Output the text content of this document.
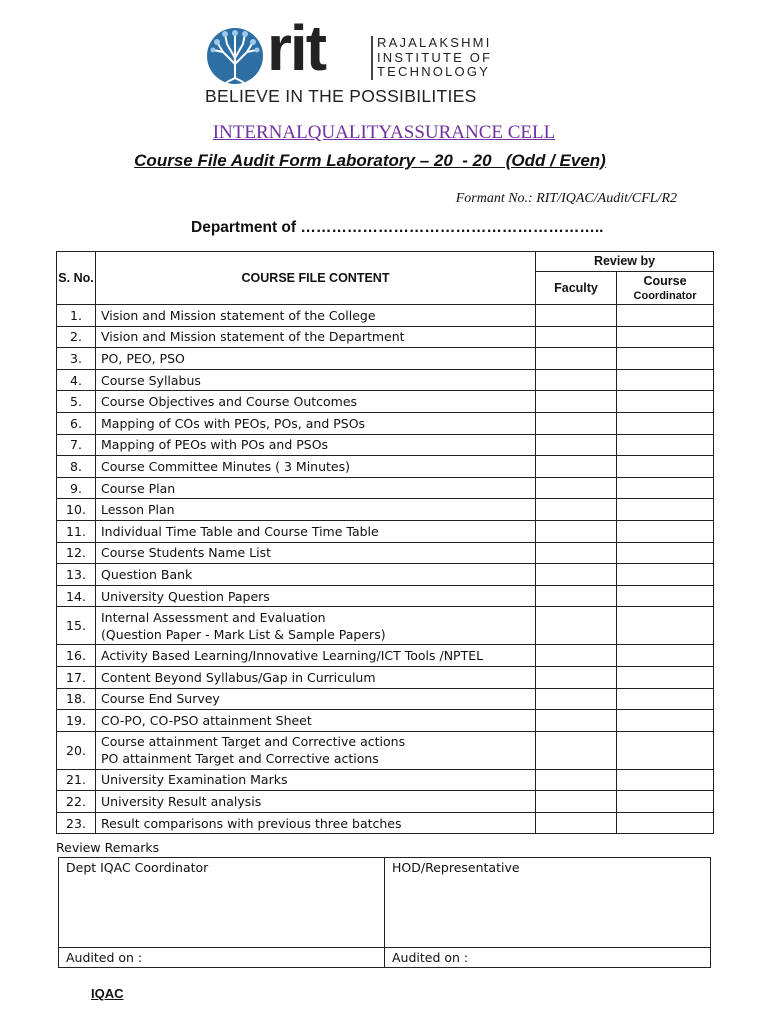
rit	RAJALAKSHMI
INSTITUTE OF
TECHNOLOGY
BELIEVE IN THE POSSIBILITIES
INTERNALQUALITYASSURANCE CELL
Course File Audit Form Laboratory – 20  - 20   (Odd / Even)
Formant No.: RIT/IQAC/Audit/CFL/R2
Department of …………………………………………………..
S. No.	COURSE FILE CONTENT	Review by	
		Faculty	Course
Coordinator

1.	Vision and Mission statement of the College		

2.	Vision and Mission statement of the Department		

3.	PO, PEO, PSO		

4.	Course Syllabus		

5.	Course Objectives and Course Outcomes		

6.	Mapping of COs with PEOs, POs, and PSOs		

7.	Mapping of PEOs with POs and PSOs		

8.	Course Committee Minutes ( 3 Minutes)		

9.	Course Plan		

10.	Lesson Plan		

11.	Individual Time Table and Course Time Table		

12.	Course Students Name List		

13.	Question Bank		

14.	University Question Papers		

15.	Internal Assessment and Evaluation
(Question Paper - Mark List & Sample Papers)		

16.	Activity Based Learning/Innovative Learning/ICT Tools /NPTEL		

17.	Content Beyond Syllabus/Gap in Curriculum		

18.	Course End Survey		

19.	CO-PO, CO-PSO attainment Sheet		

20.	Course attainment Target and Corrective actions
PO attainment Target and Corrective actions		

21.	University Examination Marks		

22.	University Result analysis		

23.	Result comparisons with previous three batches		

Review Remarks
Dept IQAC Coordinator	HOD/Representative
Audited on :	Audited on :
IQAC
